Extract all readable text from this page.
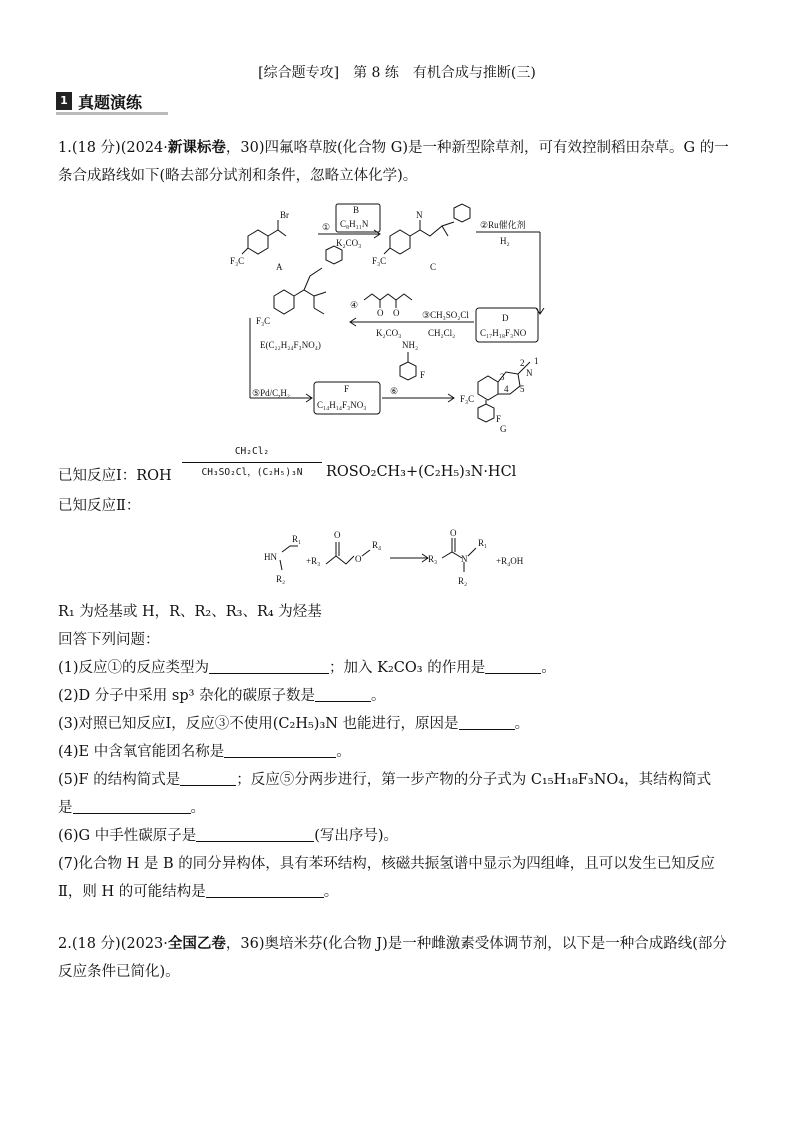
[综合题专攻]　第 8 练　有机合成与推断(三)
1 真题演练
1.(18 分)(2024·新课标卷，30)四氟咯草胺(化合物 G)是一种新型除草剂，可有效控制稻田杂草。G 的一
条合成路线如下(略去部分试剂和条件，忽略立体化学)。
Br
F₃C
A
B
C₈H₁₁N
①
K₂CO₃
F₃C
N
C
②Ru催化剂
H₂
D
C₁₇H₁₈F₃NO
③CH₃SO₂Cl
CH₂Cl₂
④
K₂CO₃
O O
F₃C
E(C₂₂H₂₄F₃NO₄)
⑤Pd/C,H₂	F
C₁₄H₁₄F₃NO₃
⑥
NH₂
F
F₃C
2 1
N
3
4 5
F
G
已知反应Ⅰ：ROH
CH₂Cl₂
CH₃SO₂Cl，(C₂H₅)₃N	ROSO₂CH₃+(C₂H₅)₃N·HCl
已知反应Ⅱ：
R₁
HN
R₂
+R₃
O
O
R₄
R₃
O
N
R₁
R₂
+R₄OH
R₁ 为烃基或 H，R、R₂、R₃、R₄ 为烃基
回答下列问题：
(1)反应①的反应类型为	；加入 K₂CO₃ 的作用是	。
(2)D 分子中采用 sp³ 杂化的碳原子数是	。
(3)对照已知反应Ⅰ，反应③不使用(C₂H₅)₃N 也能进行，原因是	。
(4)E 中含氧官能团名称是	。
(5)F 的结构简式是	；反应⑤分两步进行，第一步产物的分子式为 C₁₅H₁₈F₃NO₄，其结构简式
是	。
(6)G 中手性碳原子是	(写出序号)。
(7)化合物 H 是 B 的同分异构体，具有苯环结构，核磁共振氢谱中显示为四组峰，且可以发生已知反应
Ⅱ，则 H 的可能结构是	。
2.(18 分)(2023·全国乙卷，36)奥培米芬(化合物 J)是一种雌激素受体调节剂，以下是一种合成路线(部分
反应条件已简化)。
